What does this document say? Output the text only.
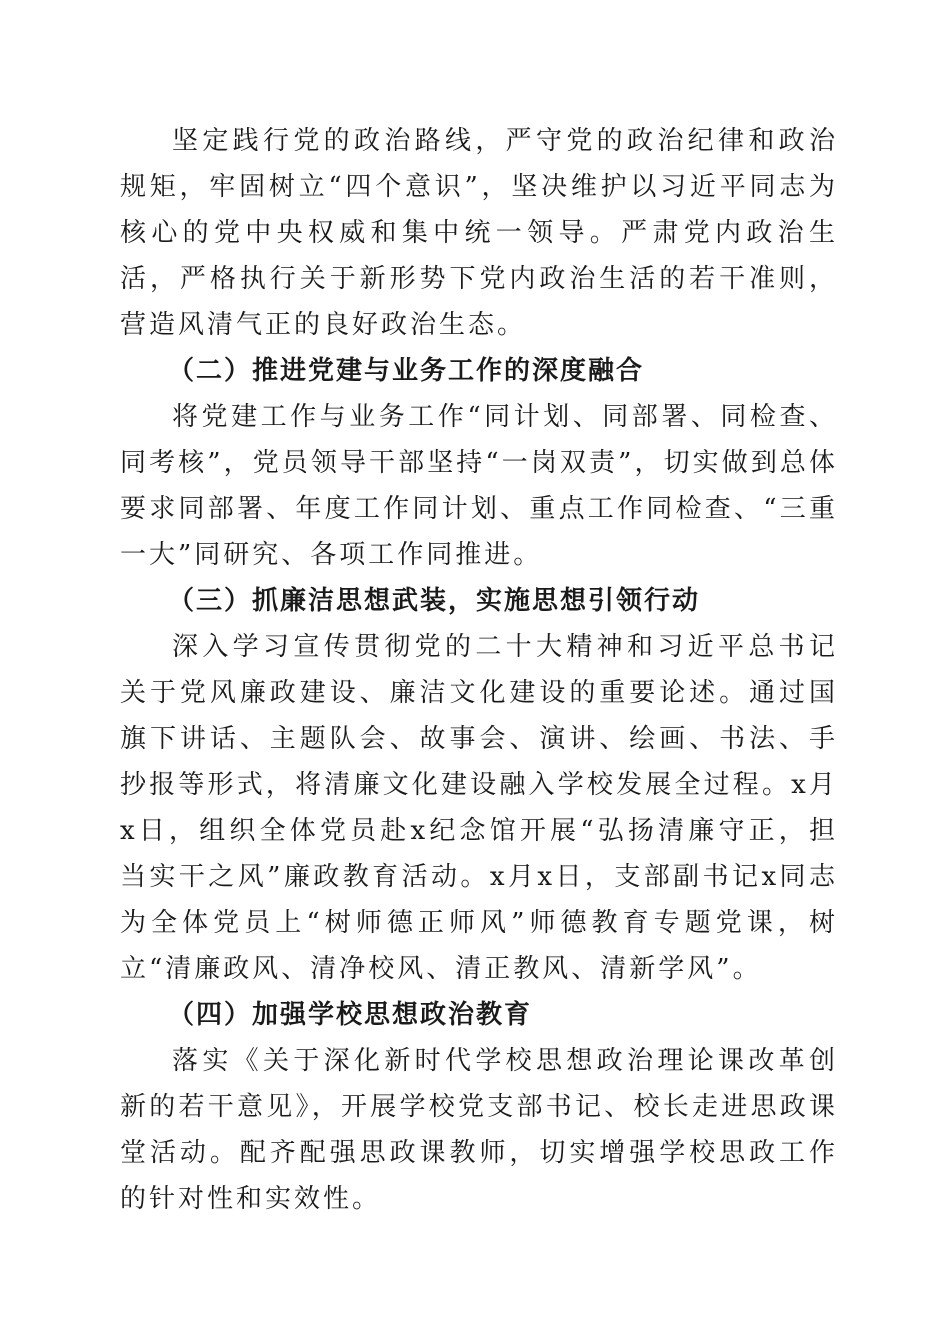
坚定践行党的政治路线，严守党的政治纪律和政治规矩，牢固树立“四个意识”，坚决维护以习近平同志为核心的党中央权威和集中统一领导。严肃党内政治生活，严格执行关于新形势下党内政治生活的若干准则，营造风清气正的良好政治生态。

（二）推进党建与业务工作的深度融合

将党建工作与业务工作“同计划、同部署、同检查、同考核”，党员领导干部坚持“一岗双责”，切实做到总体要求同部署、年度工作同计划、重点工作同检查、“三重一大”同研究、各项工作同推进。

（三）抓廉洁思想武装，实施思想引领行动

深入学习宣传贯彻党的二十大精神和习近平总书记关于党风廉政建设、廉洁文化建设的重要论述。通过国旗下讲话、主题队会、故事会、演讲、绘画、书法、手抄报等形式，将清廉文化建设融入学校发展全过程。x月x日，组织全体党员赴x纪念馆开展“弘扬清廉守正，担当实干之风”廉政教育活动。x月x日，支部副书记x同志为全体党员上“树师德正师风”师德教育专题党课，树立“清廉政风、清净校风、清正教风、清新学风”。

（四）加强学校思想政治教育

落实《关于深化新时代学校思想政治理论课改革创新的若干意见》，开展学校党支部书记、校长走进思政课堂活动。配齐配强思政课教师，切实增强学校思政工作的针对性和实效性。
